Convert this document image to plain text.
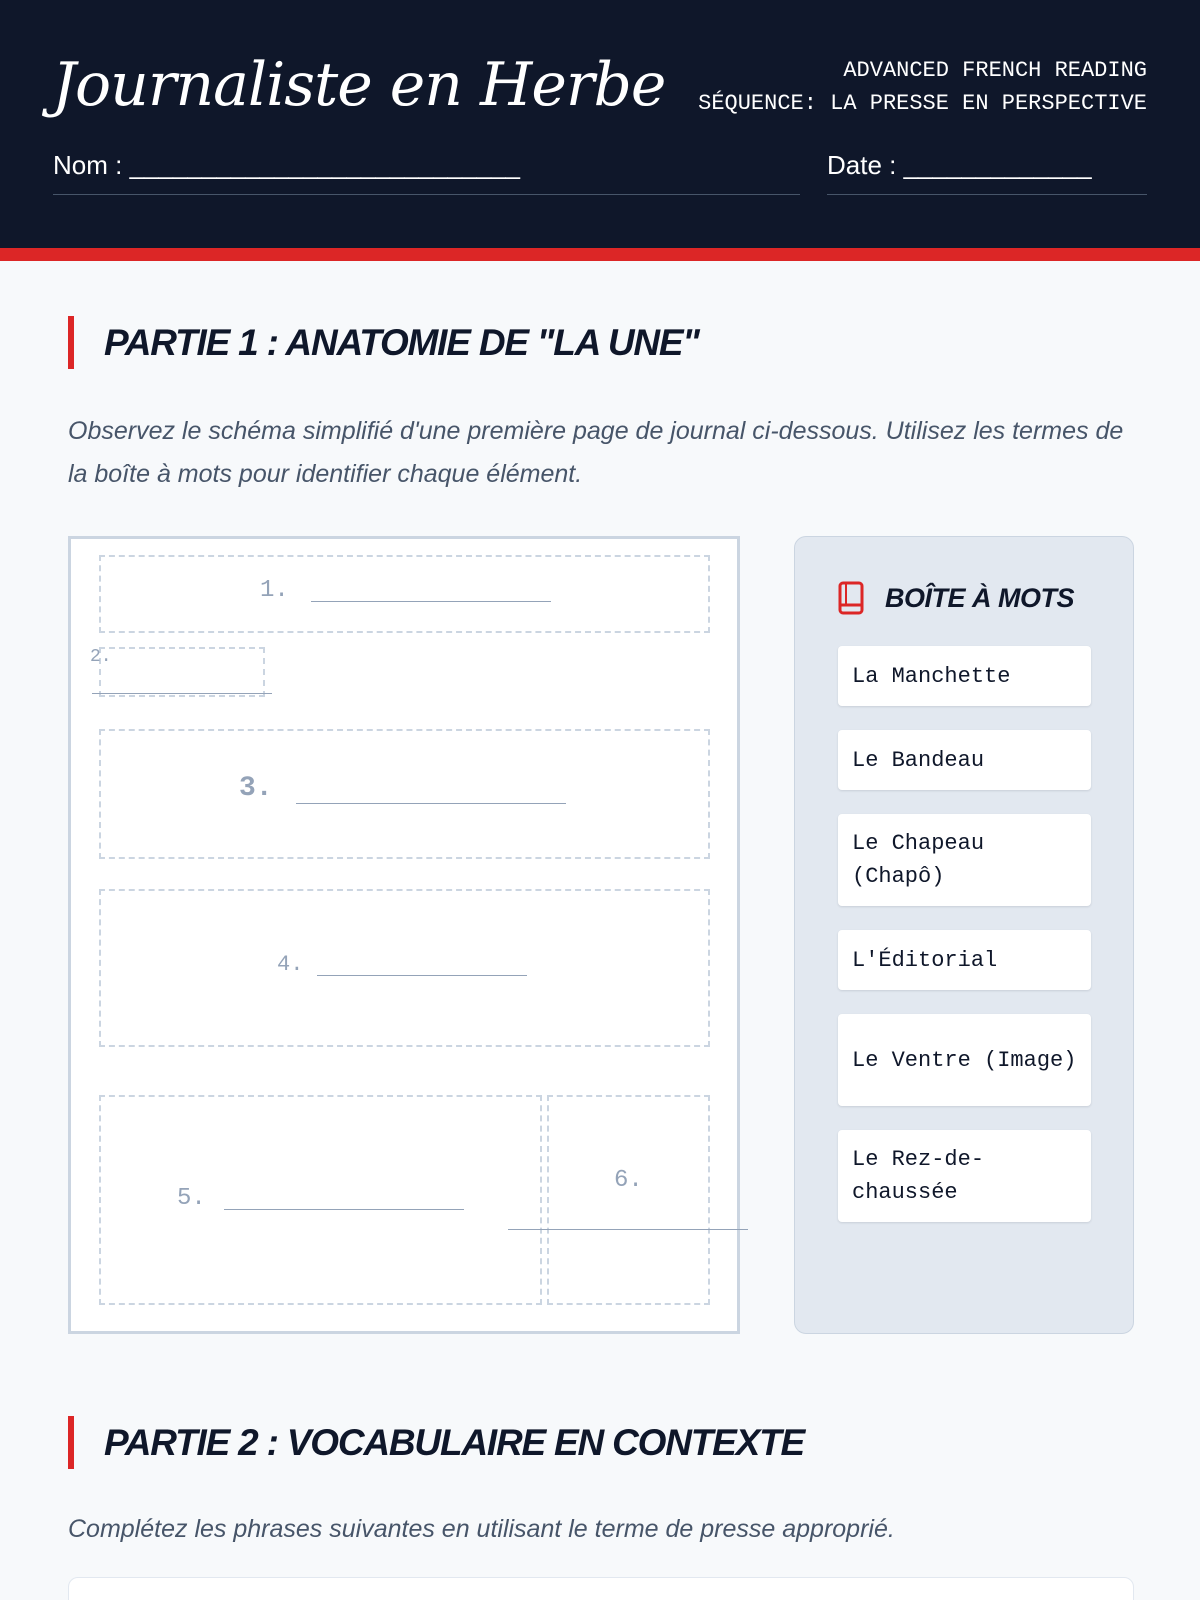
Journaliste en Herbe	ADVANCED FRENCH READING
SÉQUENCE: LA PRESSE EN PERSPECTIVE
Nom : ___________________________	Date : _____________
PARTIE 1 : ANATOMIE DE "LA UNE"
Observez le schéma simplifié d'une première page de journal ci-dessous. Utilisez les termes de la boîte à mots pour identifier chaque élément.
1.
2.
3.
4.
5.
6.
BOÎTE À MOTS
La Manchette
Le Bandeau
Le Chapeau (Chapô)
L'Éditorial
Le Ventre (Image)
Le Rez-de-chaussée
PARTIE 2 : VOCABULAIRE EN CONTEXTE
Complétez les phrases suivantes en utilisant le terme de presse approprié.
